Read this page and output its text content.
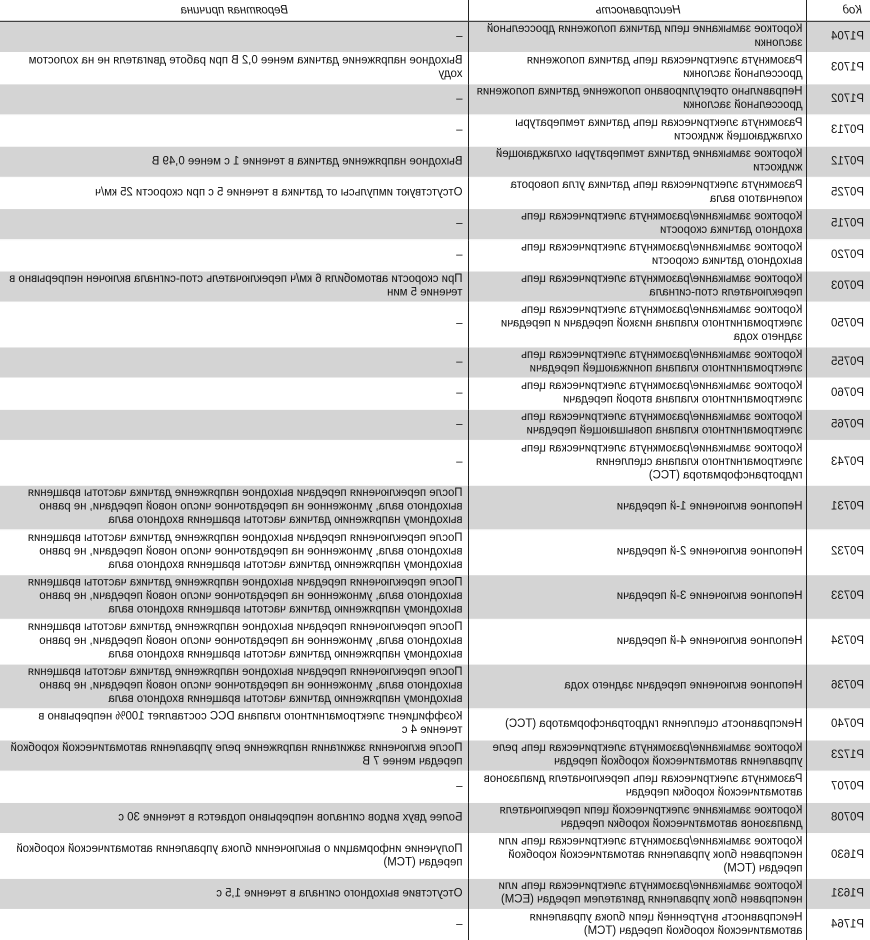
Код	Неисправность	Вероятная причина
P1704	Короткое замыкание цепи датчика положения дроссельной заслонки	–
P1703	Разомкнута электрическая цепь датчика положения дроссельной заслонки	Выходное напряжение датчика менее 0,2 В при работе двигателя не на холостом ходу
P1702	Неправильно отрегулировано положение датчика положения дроссельной заслонки	–
P0713	Разомкнута электрическая цепь датчика температуры охлаждающей жидкости	–
P0712	Короткое замыкание датчика температуры охлаждающей жидкости	Выходное напряжение датчика в течение 1 с менее 0,49 В
P0725	Разомкнута электрическая цепь датчика угла поворота коленчатого вала	Отсутствуют импульсы от датчика в течение 5 с при скорости 25 км/ч
P0715	Короткое замыкание/разомкнута электрическая цепь входного датчика скорости	–
P0720	Короткое замыкание/разомкнута электрическая цепь выходного датчика скорости	–
P0703	Короткое замыкание/разомкнута электрическая цепь переключателя стоп-сигнала	При скорости автомобиля 6 км/ч переключатель стоп-сигнала включен непрерывно в течение 5 мин
P0750	Короткое замыкание/разомкнута электрическая цепь электромагнитного клапана низкой передачи и передачи заднего хода	–
P0755	Короткое замыкание/разомкнута электрическая цепь электромагнитного клапана понижающей передачи	–
P0760	Короткое замыкание/разомкнута электрическая цепь электромагнитного клапана второй передачи	–
P0765	Короткое замыкание/разомкнута электрическая цепь электромагнитного клапана повышающей передачи	–
P0743	Короткое замыкание/разомкнута электрическая цепь электромагнитного клапана сцепления гидротрансформатора (TCC)	–
P0731	Неполное включение 1-й передачи	После переключения передачи выходное напряжение датчика частоты вращения выходного вала, умноженное на передаточное число новой передачи, не равно выходному напряжению датчика частоты вращения входного вала
P0732	Неполное включение 2-й передачи	После переключения передачи выходное напряжение датчика частоты вращения выходного вала, умноженное на передаточное число новой передачи, не равно выходному напряжению датчика частоты вращения входного вала
P0733	Неполное включение 3-й передачи	После переключения передачи выходное напряжение датчика частоты вращения выходного вала, умноженное на передаточное число новой передачи, не равно выходному напряжению датчика частоты вращения входного вала
P0734	Неполное включение 4-й передачи	После переключения передачи выходное напряжение датчика частоты вращения выходного вала, умноженное на передаточное число новой передачи, не равно выходному напряжению датчика частоты вращения входного вала
P0736	Неполное включение передачи заднего хода	После переключения передачи выходное напряжение датчика частоты вращения выходного вала, умноженное на передаточное число новой передачи, не равно выходному напряжению датчика частоты вращения входного вала
P0740	Неисправность сцепления гидротрансформатора (TCC)	Коэффициент электромагнитного клапана DCC составляет 100% непрерывно в течение 4 с
P1723	Короткое замыкание/разомкнута электрическая цепь реле управления автоматической коробкой передач	После включения зажигания напряжение реле управления автоматической коробкой передач менее 7 В
P0707	Разомкнута электрическая цепь переключателя диапазонов автоматической коробки передач	–
P0708	Короткое замыкание электрической цепи переключателя диапазонов автоматической коробки передач	Более двух видов сигналов непрерывно подается в течение 30 с
P1630	Короткое замыкание/разомкнута электрическая цепь или неисправен блок управления автоматической коробкой передач (TCM)	Получение информации о выключении блока управления автоматической коробкой передач (TCM)
P1631	Короткое замыкание/разомкнута электрическая цепь или неисправен блок управления двигателем передач (ECM)	Отсутствие выходного сигнала в течение 1,5 с
P1764	Неисправность внутренней цепи блока управления автоматической коробкой передач (TCM)	–
